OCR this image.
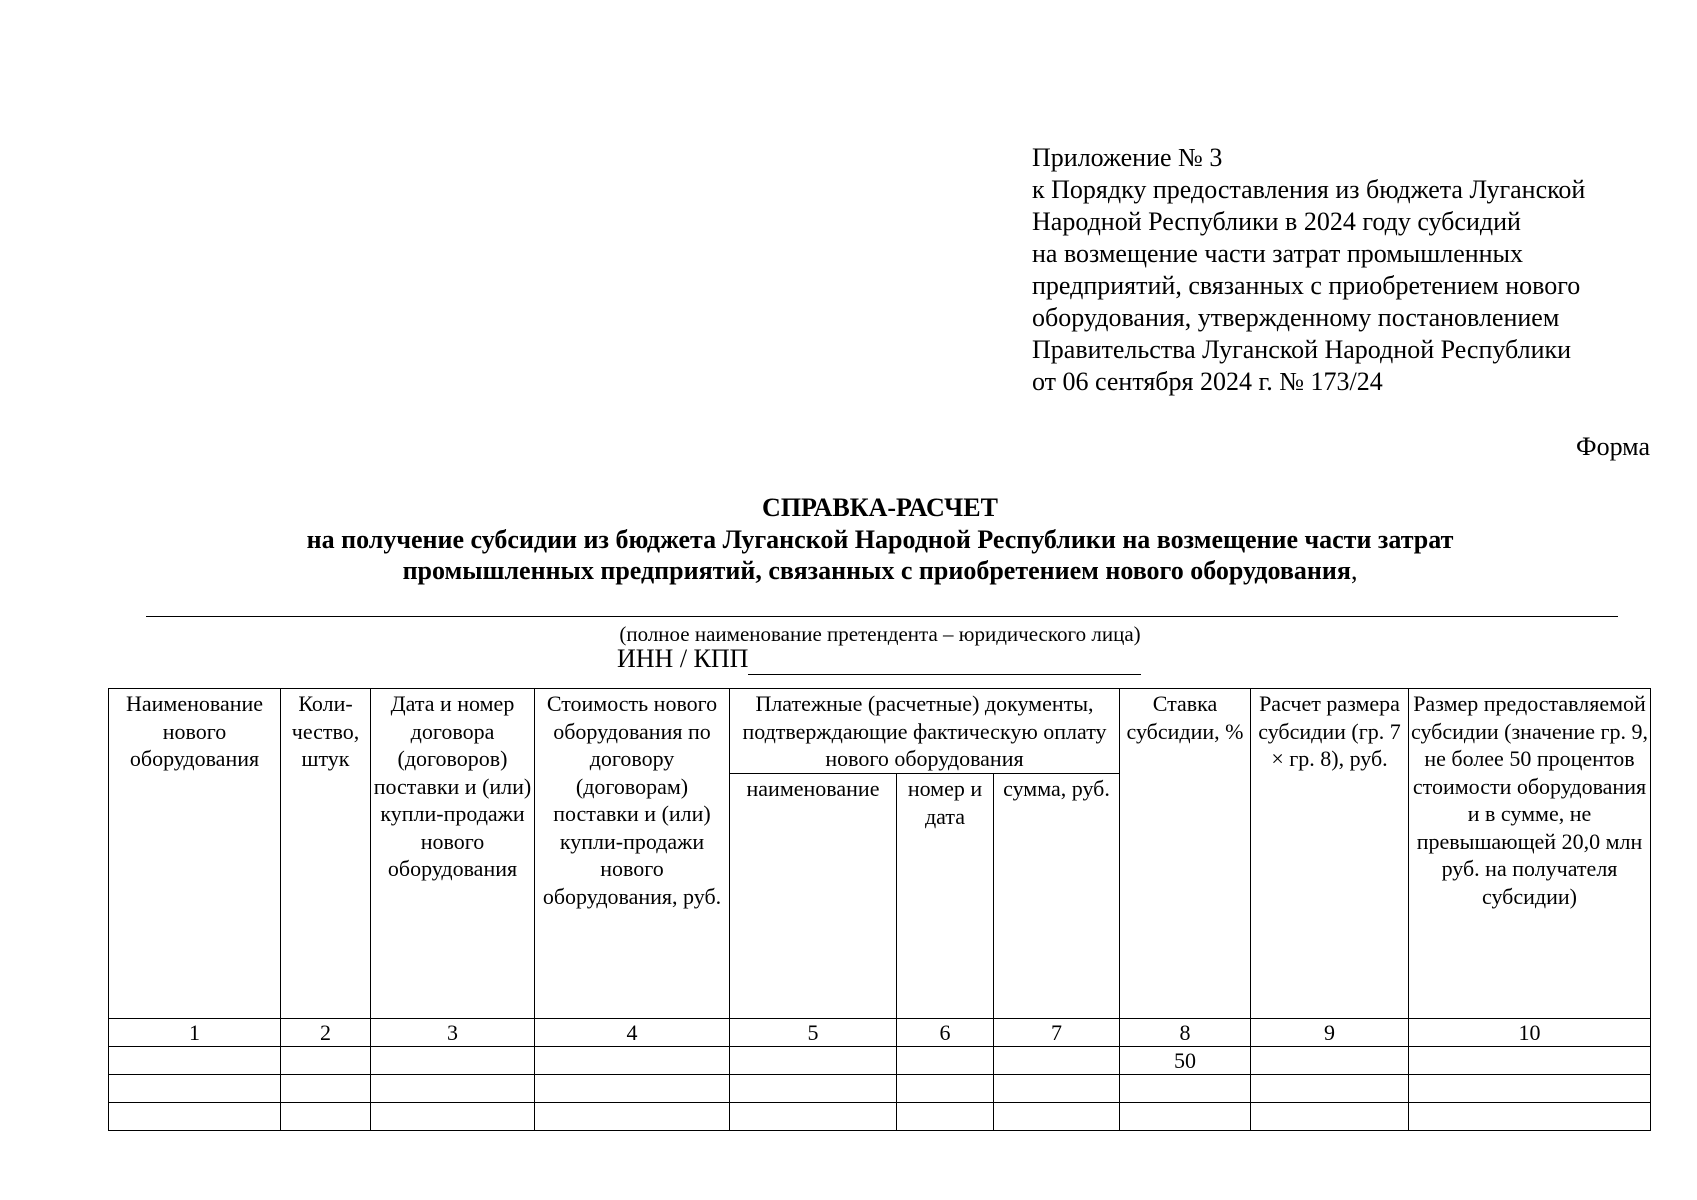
Приложение № 3
к Порядку предоставления из бюджета Луганской
Народной Республики в 2024 году субсидий
на возмещение части затрат промышленных
предприятий, связанных с приобретением нового
оборудования, утвержденному постановлением
Правительства Луганской Народной Республики
от 06 сентября 2024 г. № 173/24
Форма
СПРАВКА-РАСЧЕТ
на получение субсидии из бюджета Луганской Народной Республики на возмещение части затрат
промышленных предприятий, связанных с приобретением нового оборудования,
(полное наименование претендента – юридического лица)
ИНН / КПП
Наименование нового оборудования	Коли-чество, штук	Дата и номер договора (договоров) поставки и (или) купли-продажи нового оборудования	Стоимость нового оборудования по договору (договорам) поставки и (или) купли-продажи нового оборудования, руб.	Платежные (расчетные) документы, подтверждающие фактическую оплату нового оборудования			Ставка субсидии, %	Расчет размера субсидии (гр. 7 × гр. 8), руб.	Размер предоставляемой субсидии (значение гр. 9, не более 50 процентов стоимости оборудования и в сумме, не превышающей 20,0 млн руб. на получателя субсидии)
				наименование	номер и дата	сумма, руб.			
1	2	3	4	5	6	7	8	9	10
							50		
